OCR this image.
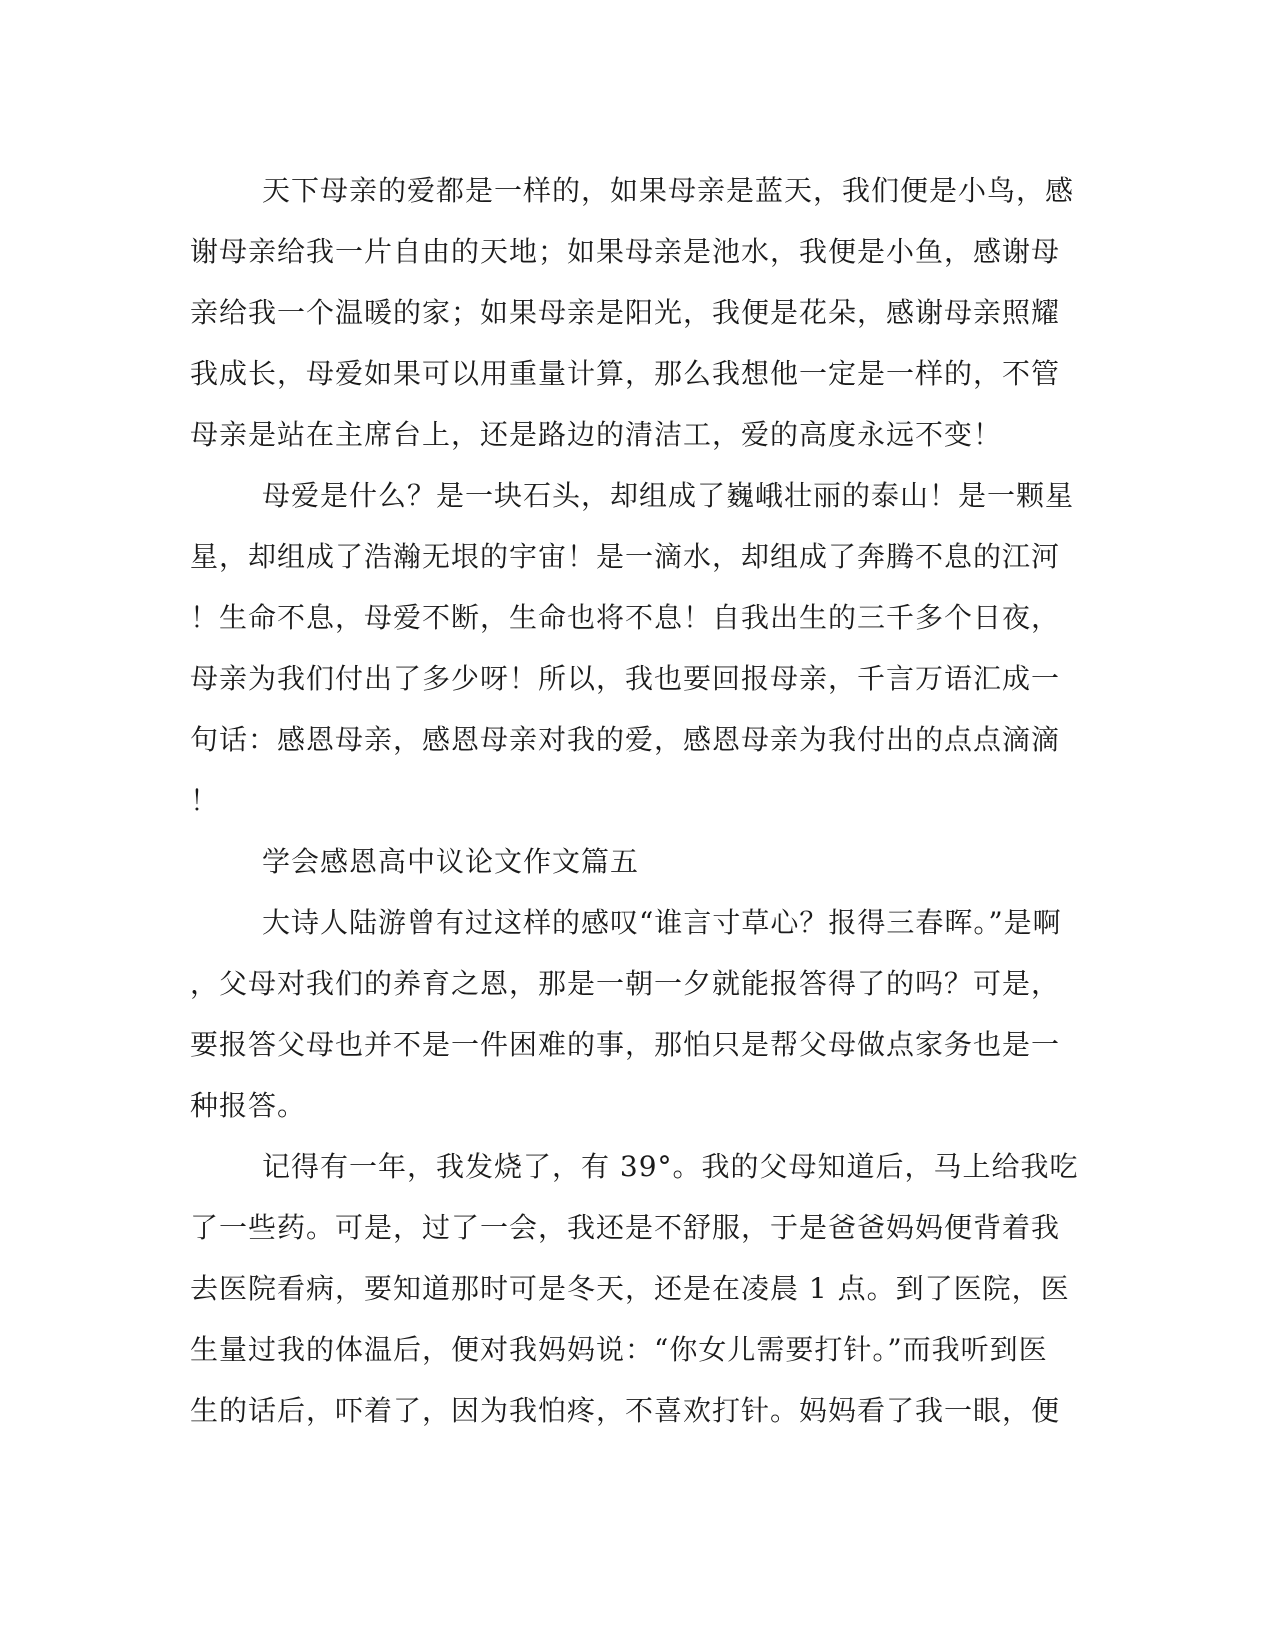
天下母亲的爱都是一样的，如果母亲是蓝天，我们便是小鸟，感
谢母亲给我一片自由的天地；如果母亲是池水，我便是小鱼，感谢母
亲给我一个温暖的家；如果母亲是阳光，我便是花朵，感谢母亲照耀
我成长，母爱如果可以用重量计算，那么我想他一定是一样的，不管
母亲是站在主席台上，还是路边的清洁工，爱的高度永远不变！
母爱是什么？是一块石头，却组成了巍峨壮丽的泰山！是一颗星
星，却组成了浩瀚无垠的宇宙！是一滴水，却组成了奔腾不息的江河
！生命不息，母爱不断，生命也将不息！自我出生的三千多个日夜，
母亲为我们付出了多少呀！所以，我也要回报母亲，千言万语汇成一
句话：感恩母亲，感恩母亲对我的爱，感恩母亲为我付出的点点滴滴
！
学会感恩高中议论文作文篇五
大诗人陆游曾有过这样的感叹“谁言寸草心？报得三春晖。”是啊
，父母对我们的养育之恩，那是一朝一夕就能报答得了的吗？可是，
要报答父母也并不是一件困难的事，那怕只是帮父母做点家务也是一
种报答。
记得有一年，我发烧了，有 39°。我的父母知道后，马上给我吃
了一些药。可是，过了一会，我还是不舒服，于是爸爸妈妈便背着我
去医院看病，要知道那时可是冬天，还是在凌晨 1 点。到了医院，医
生量过我的体温后，便对我妈妈说：“你女儿需要打针。”而我听到医
生的话后，吓着了，因为我怕疼，不喜欢打针。妈妈看了我一眼，便
